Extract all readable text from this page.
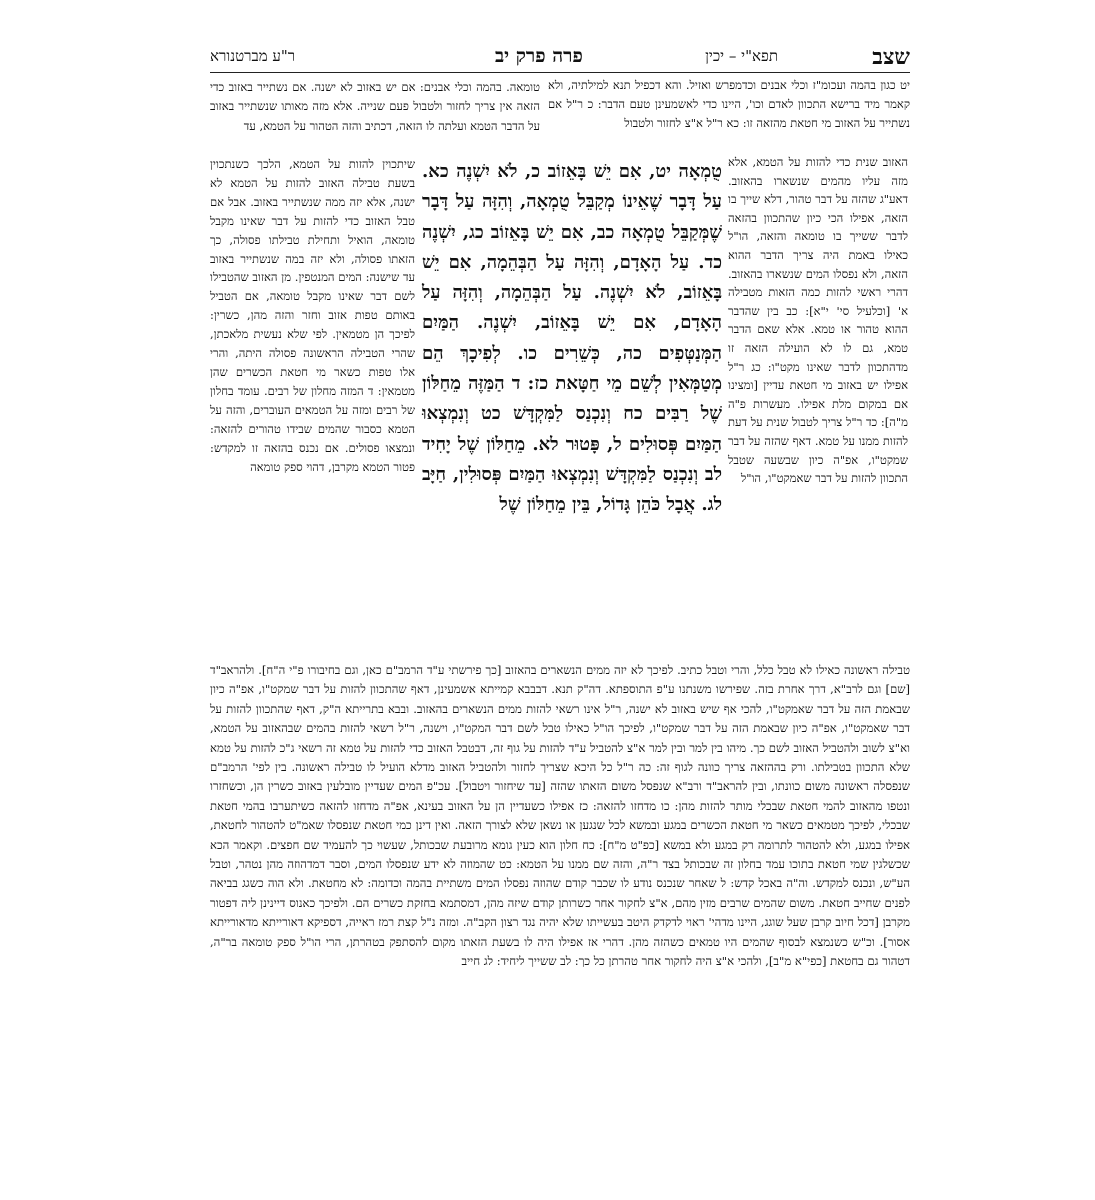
שצב
תפא"י – יכין
פרה פרק יב
ר"ע מברטנורא

יט כגון בהמה ועכומ"ז וכלי אבנים וכדמפרש ואזיל. והא דכפיל תנא למילתיה, ולא קאמר מיד ברישא התכוון לאדם וכו', היינו כדי לאשמעינן טעם הדבר: כ ר"ל אם נשתייר על האזוב מי חטאת מהזאה זו: כא ר"ל א"צ לחזור ולטבול

טומאה. בהמה וכלי אבנים: אם יש באזוב לא ישנה. אם נשתייר באזוב כדי הזאה אין צריך לחזור ולטבול פעם שנייה. אלא מזה מאותו שנשתייר באזוב על הדבר הטמא ועלתה לו הזאה, דכתיב והזה הטהור על הטמא, עד

האזוב שנית כדי להזות על הטמא, אלא מזה עליו מהמים שנשארו בהאזוב. דאע"ג שהזה על דבר טהור, דלא שייך בו הזאה, אפילו הכי כיון שהתכוון בהזאה לדבר ששייך בו טומאה והזאה, הו"ל כאילו באמת היה צריך הדבר ההוא הזאה, ולא נפסלו המים שנשארו בהאזוב. דהרי ראשי להזות כמה הזאות מטבילה א' [וכלעיל סי' י"א]: כב בין שהדבר ההוא טהור או טמא. אלא שאם הדבר טמא, גם לו לא הועילה הזאה זו מדהתכוון לדבר שאינו מקט"ו: כג ר"ל אפילו יש באזוב מי חטאת עדיין [ומצינו אם במקום מלת אפילו. מעשרות פ"ה מ"ה]: כד ר"ל צריך לטבול שנית על דעת להזות ממנו על טמא. דאף שהזה על דבר שמקט"ו, אפ"ה כיון שבשעה שטבל התכוון להזות על דבר שאמקט"ו, הו"ל

טֻמְאָה יט, אִם יֵשׁ בָּאֵזוֹב כ, לֹא יִשְׁנֶה כא. עַל דָּבָר שֶׁאֵינוֹ מְקַבֵּל טֻמְאָה, וְהִזָּה עַל דָּבָר שֶׁמְּקַבֵּל טֻמְאָה כב, אִם יֵשׁ בָּאֵזוֹב כג, יִשְׁנֶה כד. עַל הָאָדָם, וְהִזָּה עַל הַבְּהֵמָה, אִם יֵשׁ בָּאֵזוֹב, לֹא יִשְׁנֶה. עַל הַבְּהֵמָה, וְהִזָּה עַל הָאָדָם, אִם יֵשׁ בָּאֵזוֹב, יִשְׁנֶה. הַמַּיִם הַמְּנַטְּפִים כה, כְּשֵׁרִים כו. לְפִיכָךְ הֵם מְטַמְּאִין לְשֵׁם מֵי חַטָּאת כז: ד הַמַּזֶּה מֵחַלּוֹן שֶׁל רַבִּים כח וְנִכְנַס לַמִּקְדָּשׁ כט וְנִמְצְאוּ הַמַּיִם פְּסוּלִים ל, פָּטוּר לא. מֵחַלּוֹן שֶׁל יָחִיד לב וְנִכְנַס לַמִּקְדָּשׁ וְנִמְצְאוּ הַמַּיִם פְּסוּלִין, חַיָּב לג. אֲבָל כֹּהֵן גָּדוֹל, בֵּין מֵחַלּוֹן שֶׁל

שיתכוין להזות על הטמא, הלכך כשנתכוין בשעת טבילה האזוב להזות על הטמא לא ישנה, אלא יזה ממה שנשתייר באזוב. אבל אם טבל האזוב כדי להזות על דבר שאינו מקבל טומאה, הואיל ותחילת טבילתו פסולה, כך הזאתו פסולה, ולא יזה במה שנשתייר באזוב עד שישנה: המים המנטפין. מן האזוב שהטבילו לשם דבר שאינו מקבל טומאה, אם הטביל באותם טפות אזוב וחזר והזה מהן, כשרין: לפיכך הן מטמאין. לפי שלא נעשית מלאכתן, שהרי הטבילה הראשונה פסולה היתה, והרי אלו טפות כשאר מי חטאת הכשרים שהן מטמאין: ד המזה מחלון של רבים. עומד בחלון של רבים ומזה על הטמאים העוברים, והזה על הטמא כסבור שהמים שבידו טהורים להזאה: ונמצאו פסולים. אם נכנס בהזאה זו למקדש: פטור הטמא מקרבן, דהוי ספק טומאה

טבילה ראשונה כאילו לא טבל כלל, והרי וטבל כתיב. לפיכך לא יזה ממים הנשארים בהאזוב [כך פירשתי ע"ד הרמב"ם כאן, וגם בחיבורו פ"י ה"ח]. ולהראב"ד [שם] וגם לרב"א, דרך אחרת בזה. שפירשו משנתנו ע"פ התוספתא. דה"ק תנא. דבבבא קמייתא אשמעינן, דאף שהתכוון להזות על דבר שמקט"ו, אפ"ה כיון שבאמת הזה על דבר שאמקט"ו, להכי אף שיש באזוב לא ישנה, ר"ל אינו רשאי להזות ממים הנשארים בהאזוב. ובבא בתרייתא ה"ק, דאף שהתכוון להזות על דבר שאמקט"ו, אפ"ה כיון שבאמת הזה על דבר שמקט"ו, לפיכך הו"ל כאילו טבל לשם דבר המקט"ו, וישנה, ר"ל רשאי להזות בהמים שבהאזוב על הטמא, וא"צ לשוב ולהטביל האזוב לשם כך. מיהו בין למר ובין למר א"צ להטביל ע"ד להזות על גוף זה, דבטבל האזוב כדי להזות על טמא זה רשאי ג"כ להזות על טמא שלא התכוון בטבילתו. ורק בההזאה צריך כוונה לגוף זה: כה ר"ל כל היכא שצריך לחזור ולהטביל האזוב מדלא הועיל לו טבילה ראשונה. בין לפי' הרמב"ם שנפסלה ראשונה משום כוונתו, ובין להראב"ד ורב"א שנפסל משום הזאתו שהזה [עד שיחזור ויטבול]. עכ"פ המים שעדיין מובלעין באזוב כשרין הן, וכשחזרו ונטפו מהאזוב להמי חטאת שבכלי מותר להזות מהן: כו מדחזו להזאה: כז אפילו כשעדיין הן על האזוב בעינא, אפ"ה מדחזו להזאה כשיתערבו בהמי חטאת שבכלי, לפיכך מטמאים כשאר מי חטאת הכשרים במגע ובמשא לכל שנגען או נשאן שלא לצורך הזאה. ואין דינן כמי חטאת שנפסלו שאמ"ט להטהור לחטאת, אפילו במגע, ולא להטהור לתרומה רק במגע ולא במשא [כפ"ט מ"ח]: כח חלון הוא כעין גומא מרובעת שבכותל, שעשוי כך להעמיד שם חפצים. וקאמר הכא שכשלגין שמי חטאת בתוכו עמד בחלון זה שבכותל בצד ר"ה, והזה שם ממנו על הטמא: כט שהמוזה לא ידע שנפסלו המים, וסבר דמדהוזה מהן נטהר, וטבל הע"ש, ונכנס למקדש. וה"ה באכל קדש: ל שאחר שנכנס נודע לו שכבר קודם שהוזה נפסלו המים משתיית בהמה וכדומה: לא מחטאת. ולא הוה כשגג בביאה לפנים שחייב חטאת. משום שהמים שרבים מזין מהם, א"צ לחקור אחר כשרותן קודם שיזה מהן, דמסתמא בחזקת כשרים הם. ולפיכך כאנוס דיינינן ליה דפטור מקרבן [דכל חיוב קרבן שעל שוגג, היינו מדהי' ראוי לדקדק היטב בעשייתו שלא יהיה נגד רצון הקב"ה. ומזה נ"ל קצת רמז ראייה, דספיקא דאורייתא מדאורייתא אסור]. וכ"ש כשנמצא לבסוף שהמים היו טמאים כשהזה מהן. דהרי אז אפילו היה לו בשעת הזאתו מקום להסתפק בטהרתן, הרי הו"ל ספק טומאה בר"ה, דטהור גם בחטאת [כפי"א מ"ב], ולהכי א"צ היה לחקור אחר טהרתן כל כך: לב ששייך ליחיד: לג חייב
